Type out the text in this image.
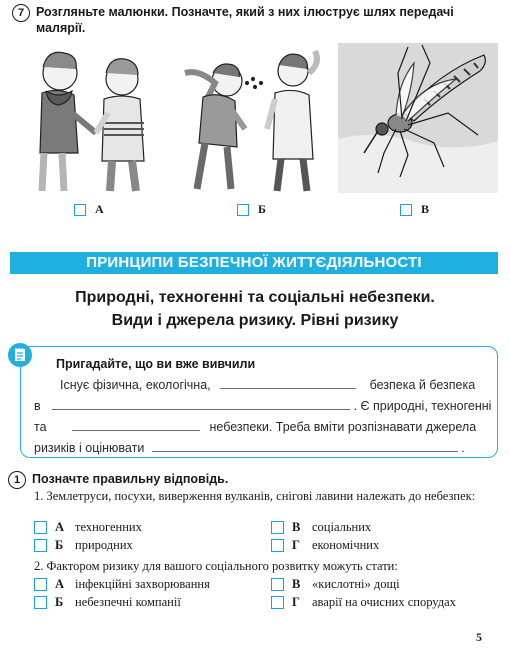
7 Розгляньте малюнки. Позначте, який з них ілюструє шлях передачі малярії.
А	Б	В
ПРИНЦИПИ БЕЗПЕЧНОЇ ЖИТТЄДІЯЛЬНОСТІ
Природні, техногенні та соціальні небезпеки.
Види і джерела ризику. Рівні ризику
Пригадайте, що ви вже вивчили
Існує фізична, екологічна,	безпека й безпека
в	. Є природні, техногенні
та	небезпеки. Треба вміти розпізнавати джерела
ризиків і оцінювати	.
1 Позначте правильну відповідь.
1. Землетруси, посухи, виверження вулканів, снігові лавини належать до небезпек:
А техногенних
Б природних
В соціальних
Г економічних
2. Фактором ризику для вашого соціального розвитку можуть стати:
А інфекційні захворювання
Б небезпечні компанії
В «кислотні» дощі
Г аварії на очисних спорудах
5
